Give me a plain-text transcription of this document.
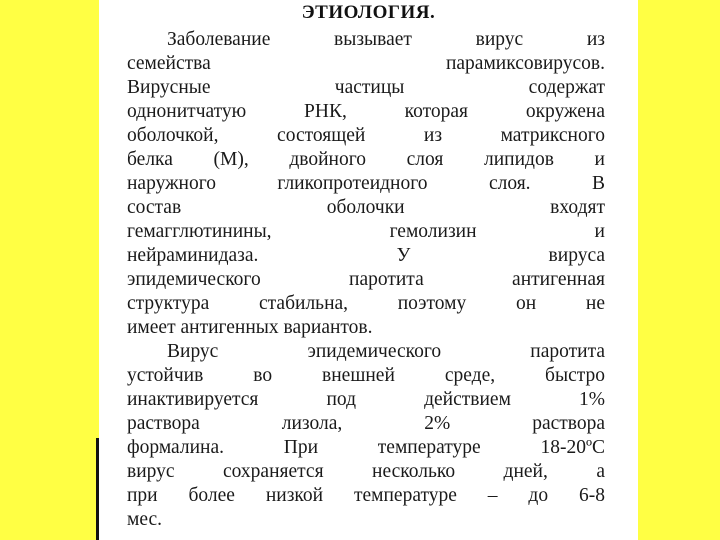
ЭТИОЛОГИЯ.
Заболевание вызывает вирус из
семейства парамиксовирусов.
Вирусные частицы содержат
однонитчатую РНК, которая окружена
оболочкой, состоящей из матриксного
белка (М), двойного слоя липидов и
наружного гликопротеидного слоя. В
состав оболочки входят
гемагглютинины, гемолизин и
нейраминидаза. У вируса
эпидемического паротита антигенная
структура стабильна, поэтому он не
имеет антигенных вариантов.
Вирус эпидемического паротита
устойчив во внешней среде, быстро
инактивируется под действием 1%
раствора лизола, 2% раствора
формалина. При температуре 18-20ºС
вирус сохраняется несколько дней, а
при более низкой температуре – до 6-8
мес.
